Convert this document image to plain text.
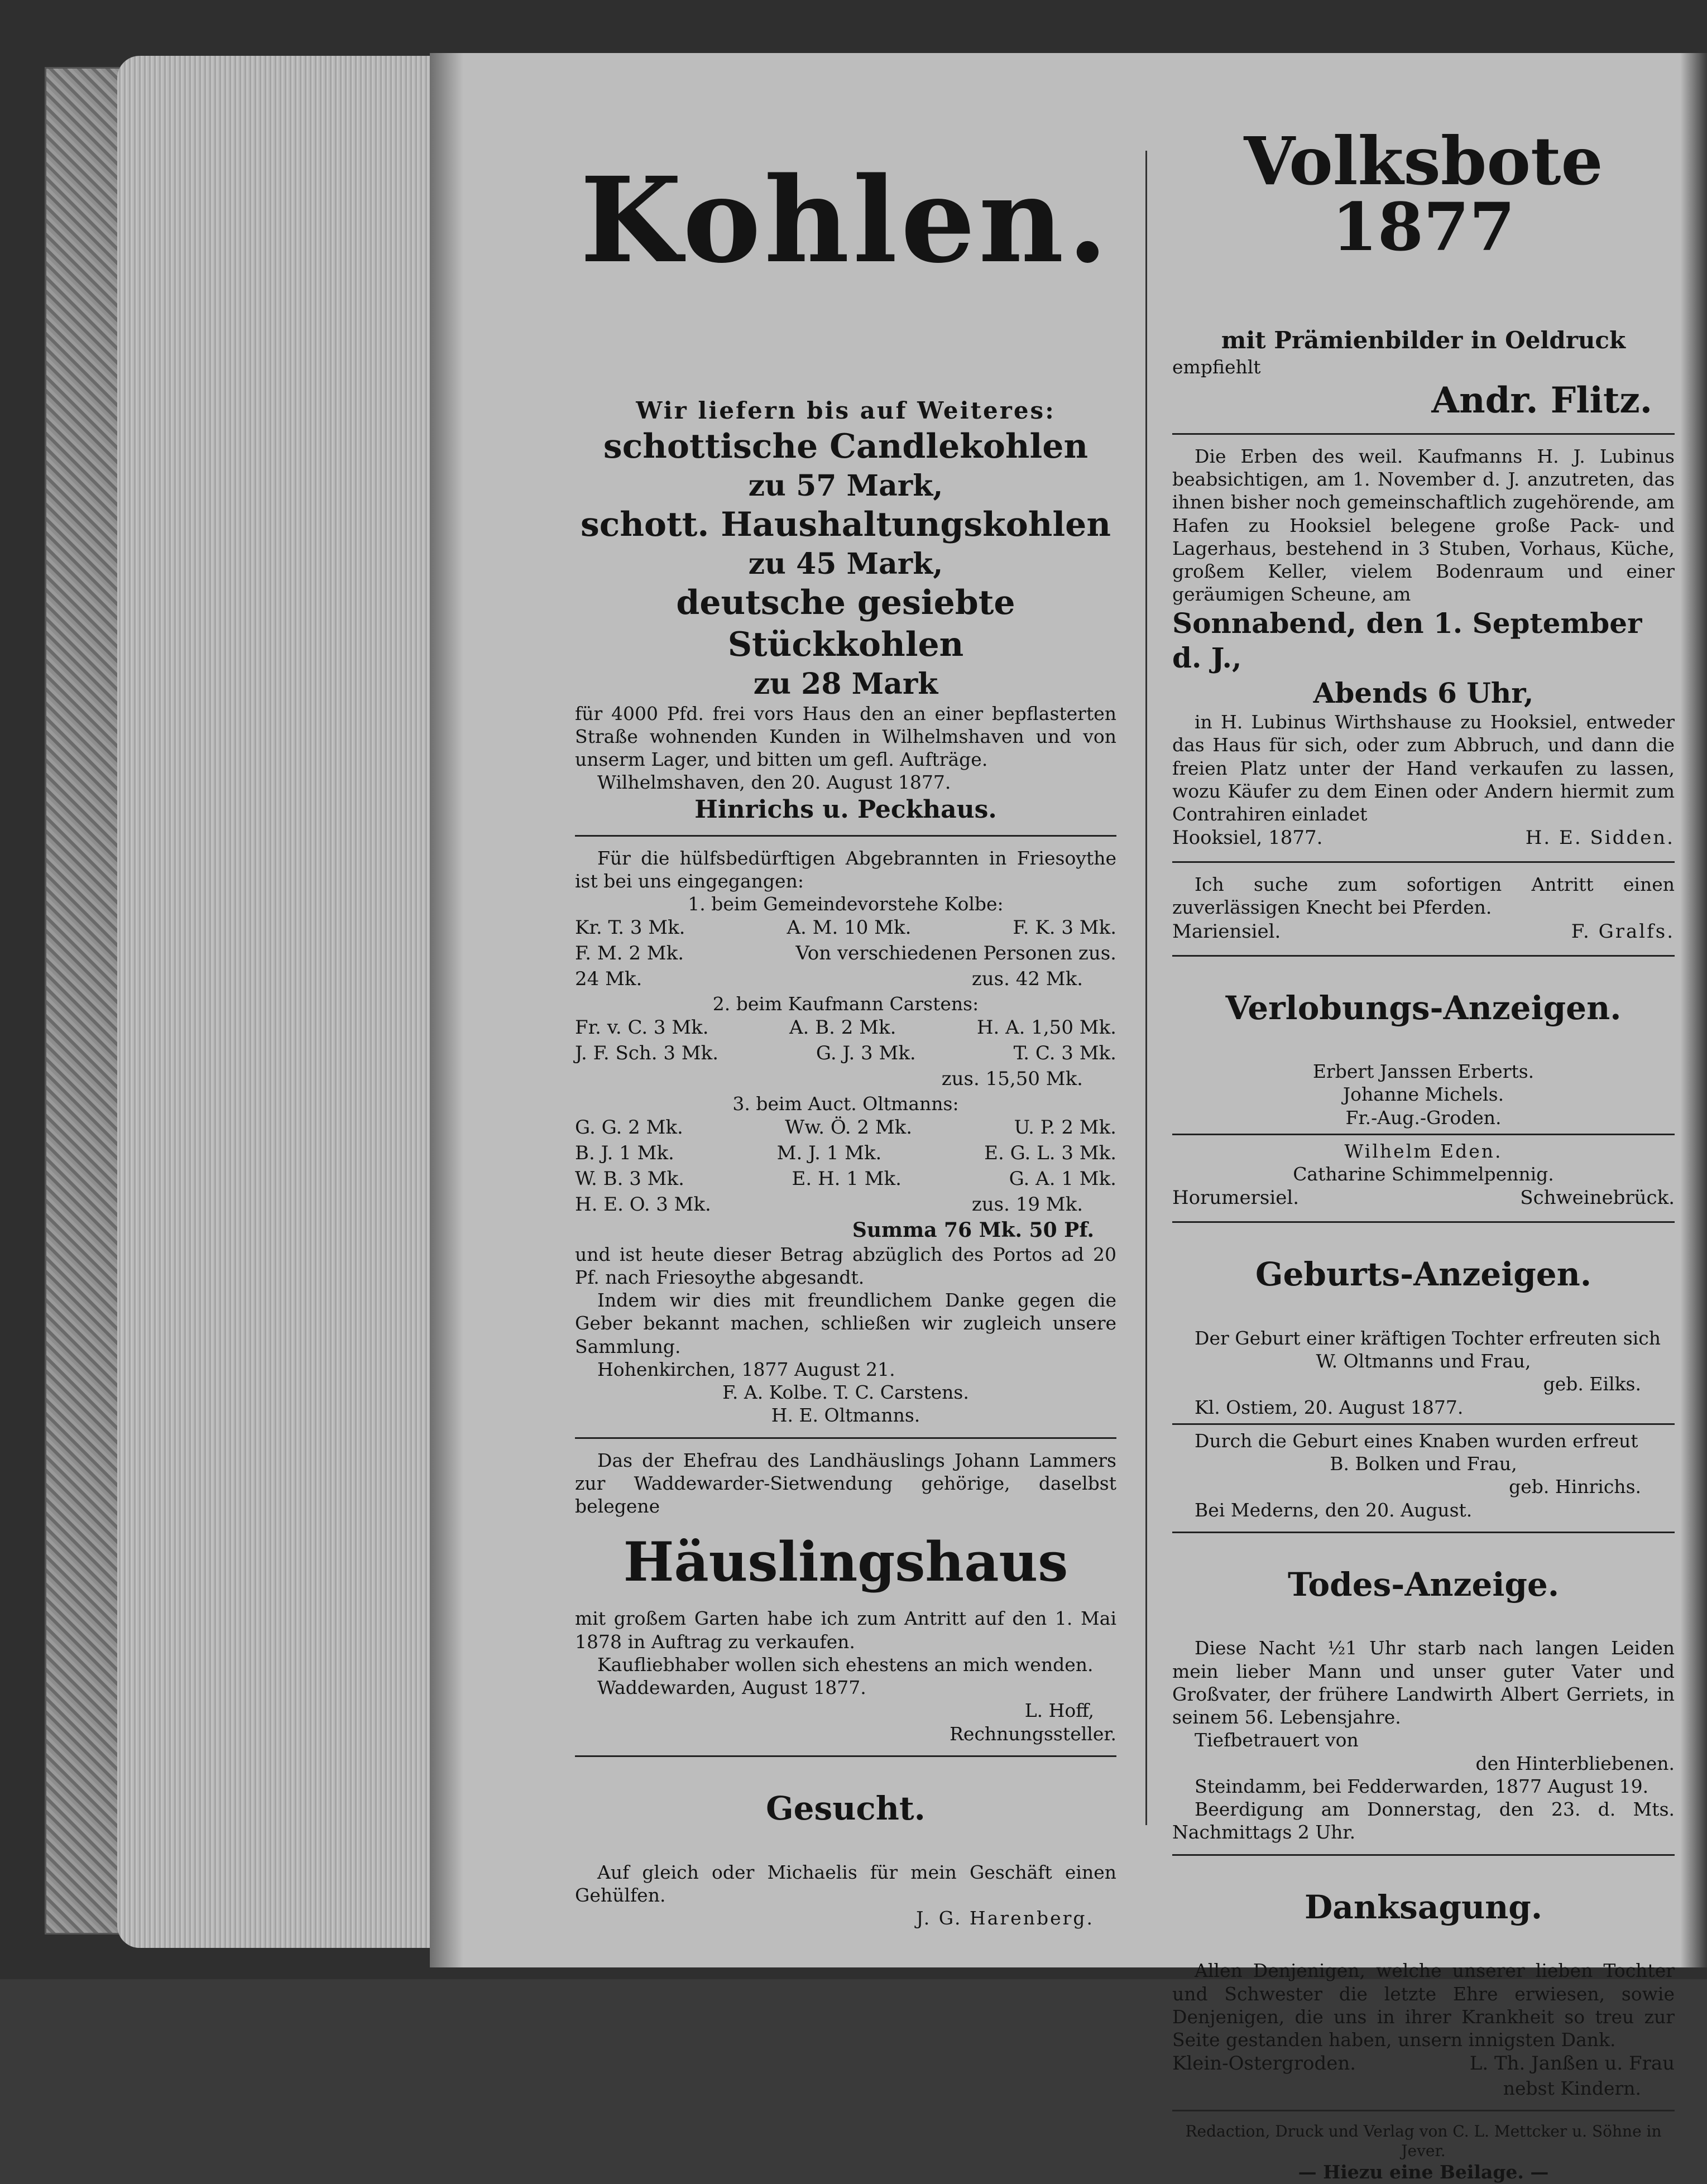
Kohlen.

Wir liefern bis auf Weiteres:

schottische Candlekohlen

zu 57 Mark,

schott. Haushaltungskohlen

zu 45 Mark,

deutsche gesiebte Stückkohlen

zu 28 Mark

für 4000 Pfd. frei vors Haus den an einer bepflasterten Straße wohnenden Kunden in Wilhelmshaven und von unserm Lager, und bitten um gefl. Aufträge.

Wilhelmshaven, den 20. August 1877.

Hinrichs u. Peckhaus.

Für die hülfsbedürftigen Abgebrannten in Friesoythe ist bei uns eingegangen:

1. beim Gemeindevorstehe Kolbe:

Kr. T. 3 Mk.	A. M. 10 Mk.	F. K. 3 Mk.
F. M. 2 Mk.	Von verschiedenen Personen zus.
24 Mk.	zus. 42 Mk.

2. beim Kaufmann Carstens:

Fr. v. C. 3 Mk.	A. B. 2 Mk.	H. A. 1,50 Mk.
J. F. Sch. 3 Mk.	G. J. 3 Mk.	T. C. 3 Mk.
zus. 15,50 Mk.

3. beim Auct. Oltmanns:

G. G. 2 Mk.	Ww. Ö. 2 Mk.	U. P. 2 Mk.
B. J. 1 Mk.	M. J. 1 Mk.	E. G. L. 3 Mk.
W. B. 3 Mk.	E. H. 1 Mk.	G. A. 1 Mk.
H. E. O. 3 Mk.	zus. 19 Mk.

Summa 76 Mk. 50 Pf.

und ist heute dieser Betrag abzüglich des Portos ad 20 Pf. nach Friesoythe abgesandt.

Indem wir dies mit freundlichem Danke gegen die Geber bekannt machen, schließen wir zugleich unsere Sammlung.

Hohenkirchen, 1877 August 21.

F. A. Kolbe. T. C. Carstens.

H. E. Oltmanns.

Das der Ehefrau des Landhäuslings Johann Lammers zur Waddewarder-Sietwendung gehörige, daselbst belegene

Häuslingshaus

mit großem Garten habe ich zum Antritt auf den 1. Mai 1878 in Auftrag zu verkaufen.

Kaufliebhaber wollen sich ehestens an mich wenden.

Waddewarden, August 1877.

L. Hoff,

Rechnungssteller.

Gesucht.

Auf gleich oder Michaelis für mein Geschäft einen Gehülfen.

J. G. Harenberg.

Volksbote 1877

mit Prämienbilder in Oeldruck

empfiehlt

Andr. Flitz.

Die Erben des weil. Kaufmanns H. J. Lubinus beabsichtigen, am 1. November d. J. anzutreten, das ihnen bisher noch gemeinschaftlich zugehörende, am Hafen zu Hooksiel belegene große Pack- und Lagerhaus, bestehend in 3 Stuben, Vorhaus, Küche, großem Keller, vielem Bodenraum und einer geräumigen Scheune, am

Sonnabend, den 1. September d. J.,

Abends 6 Uhr,

in H. Lubinus Wirthshause zu Hooksiel, entweder das Haus für sich, oder zum Abbruch, und dann die freien Platz unter der Hand verkaufen zu lassen, wozu Käufer zu dem Einen oder Andern hiermit zum Contrahiren einladet

Hooksiel, 1877.	H. E. Sidden.

Ich suche zum sofortigen Antritt einen zuverlässigen Knecht bei Pferden.

Mariensiel.	F. Gralfs.

Verlobungs-Anzeigen.

Erbert Janssen Erberts.

Johanne Michels.

Fr.-Aug.-Groden.

Wilhelm Eden.

Catharine Schimmelpennig.

Horumersiel.	Schweinebrück.

Geburts-Anzeigen.

Der Geburt einer kräftigen Tochter erfreuten sich

W. Oltmanns und Frau,

geb. Eilks.

Kl. Ostiem, 20. August 1877.

Durch die Geburt eines Knaben wurden erfreut

B. Bolken und Frau,

geb. Hinrichs.

Bei Mederns, den 20. August.

Todes-Anzeige.

Diese Nacht ½1 Uhr starb nach langen Leiden mein lieber Mann und unser guter Vater und Großvater, der frühere Landwirth Albert Gerriets, in seinem 56. Lebensjahre.

Tiefbetrauert von

den Hinterbliebenen.

Steindamm, bei Fedderwarden, 1877 August 19.

Beerdigung am Donnerstag, den 23. d. Mts. Nachmittags 2 Uhr.

Danksagung.

Allen Denjenigen, welche unserer lieben Tochter und Schwester die letzte Ehre erwiesen, sowie Denjenigen, die uns in ihrer Krankheit so treu zur Seite gestanden haben, unsern innigsten Dank.

Klein-Ostergroden.	L. Th. Janßen u. Frau

nebst Kindern.

Redaction, Druck und Verlag von C. L. Mettcker u. Söhne in Jever.

— Hiezu eine Beilage. —
